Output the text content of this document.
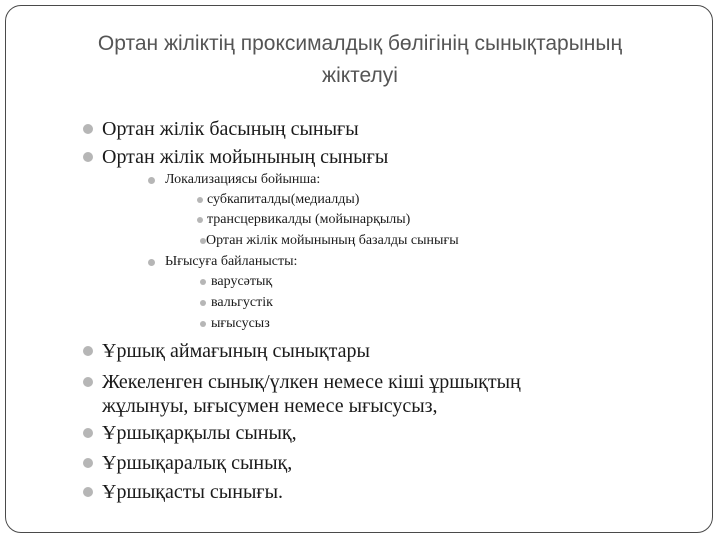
Ортан жіліктің проксималдық бөлігінің сынықтарының
жіктелуі
Ортан жілік басының сынығы
Ортан жілік мойынының сынығы
Локализациясы бойынша:
субкапиталды(медиалды)
трансцервикалды (мойынарқылы)
Ортан жілік мойынының базалды сынығы
Ығысуға байланысты:
варусəтық
вальгустік
ығысусыз
Ұршық аймағының сынықтары
Жекеленген сынық/үлкен немесе кіші ұршықтың
жұлынуы, ығысумен немесе ығысусыз,
Ұршықарқылы сынық,
Ұршықаралық сынық,
Ұршықасты сынығы.
